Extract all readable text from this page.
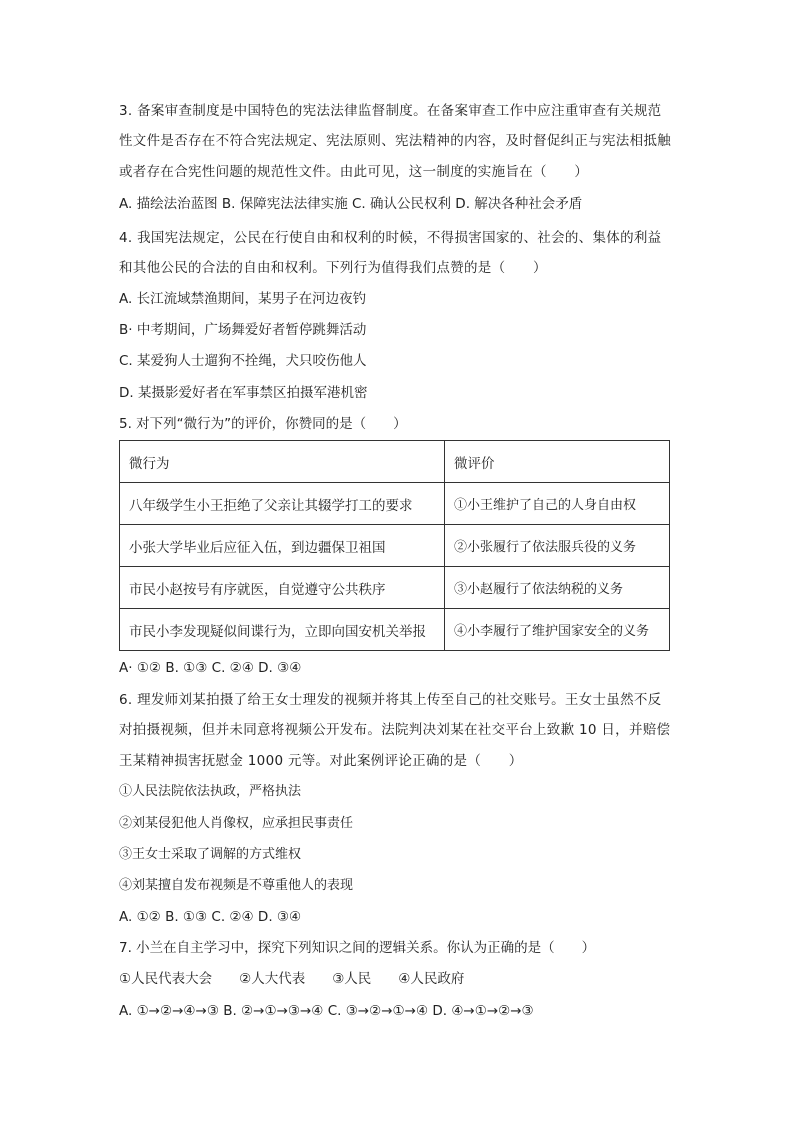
3. 备案审查制度是中国特色的宪法法律监督制度。在备案审查工作中应注重审查有关规范
性文件是否存在不符合宪法规定、宪法原则、宪法精神的内容，及时督促纠正与宪法相抵触
或者存在合宪性问题的规范性文件。由此可见，这一制度的实施旨在（　　）
A. 描绘法治蓝图 B. 保障宪法法律实施 C. 确认公民权利 D. 解决各种社会矛盾
4. 我国宪法规定，公民在行使自由和权利的时候，不得损害国家的、社会的、集体的利益
和其他公民的合法的自由和权利。下列行为值得我们点赞的是（　　）
A. 长江流域禁渔期间，某男子在河边夜钓
B· 中考期间，广场舞爱好者暂停跳舞活动
C. 某爱狗人士遛狗不拴绳，犬只咬伤他人
D. 某摄影爱好者在军事禁区拍摄军港机密
5. 对下列“微行为”的评价，你赞同的是（　　）
微行为	微评价
八年级学生小王拒绝了父亲让其辍学打工的要求	①小王维护了自己的人身自由权
小张大学毕业后应征入伍，到边疆保卫祖国	②小张履行了依法服兵役的义务
市民小赵按号有序就医，自觉遵守公共秩序	③小赵履行了依法纳税的义务
市民小李发现疑似间谍行为，立即向国安机关举报	④小李履行了维护国家安全的义务
A· ①② B. ①③ C. ②④ D. ③④
6. 理发师刘某拍摄了给王女士理发的视频并将其上传至自己的社交账号。王女士虽然不反
对拍摄视频，但并未同意将视频公开发布。法院判决刘某在社交平台上致歉 10 日，并赔偿
王某精神损害抚慰金 1000 元等。对此案例评论正确的是（　　）
①人民法院依法执政，严格执法
②刘某侵犯他人肖像权，应承担民事责任
③王女士采取了调解的方式维权
④刘某擅自发布视频是不尊重他人的表现
A. ①② B. ①③ C. ②④ D. ③④
7. 小兰在自主学习中，探究下列知识之间的逻辑关系。你认为正确的是（　　）
①人民代表大会　　②人大代表　　③人民　　④人民政府
A. ①→②→④→③ B. ②→①→③→④ C. ③→②→①→④ D. ④→①→②→③
